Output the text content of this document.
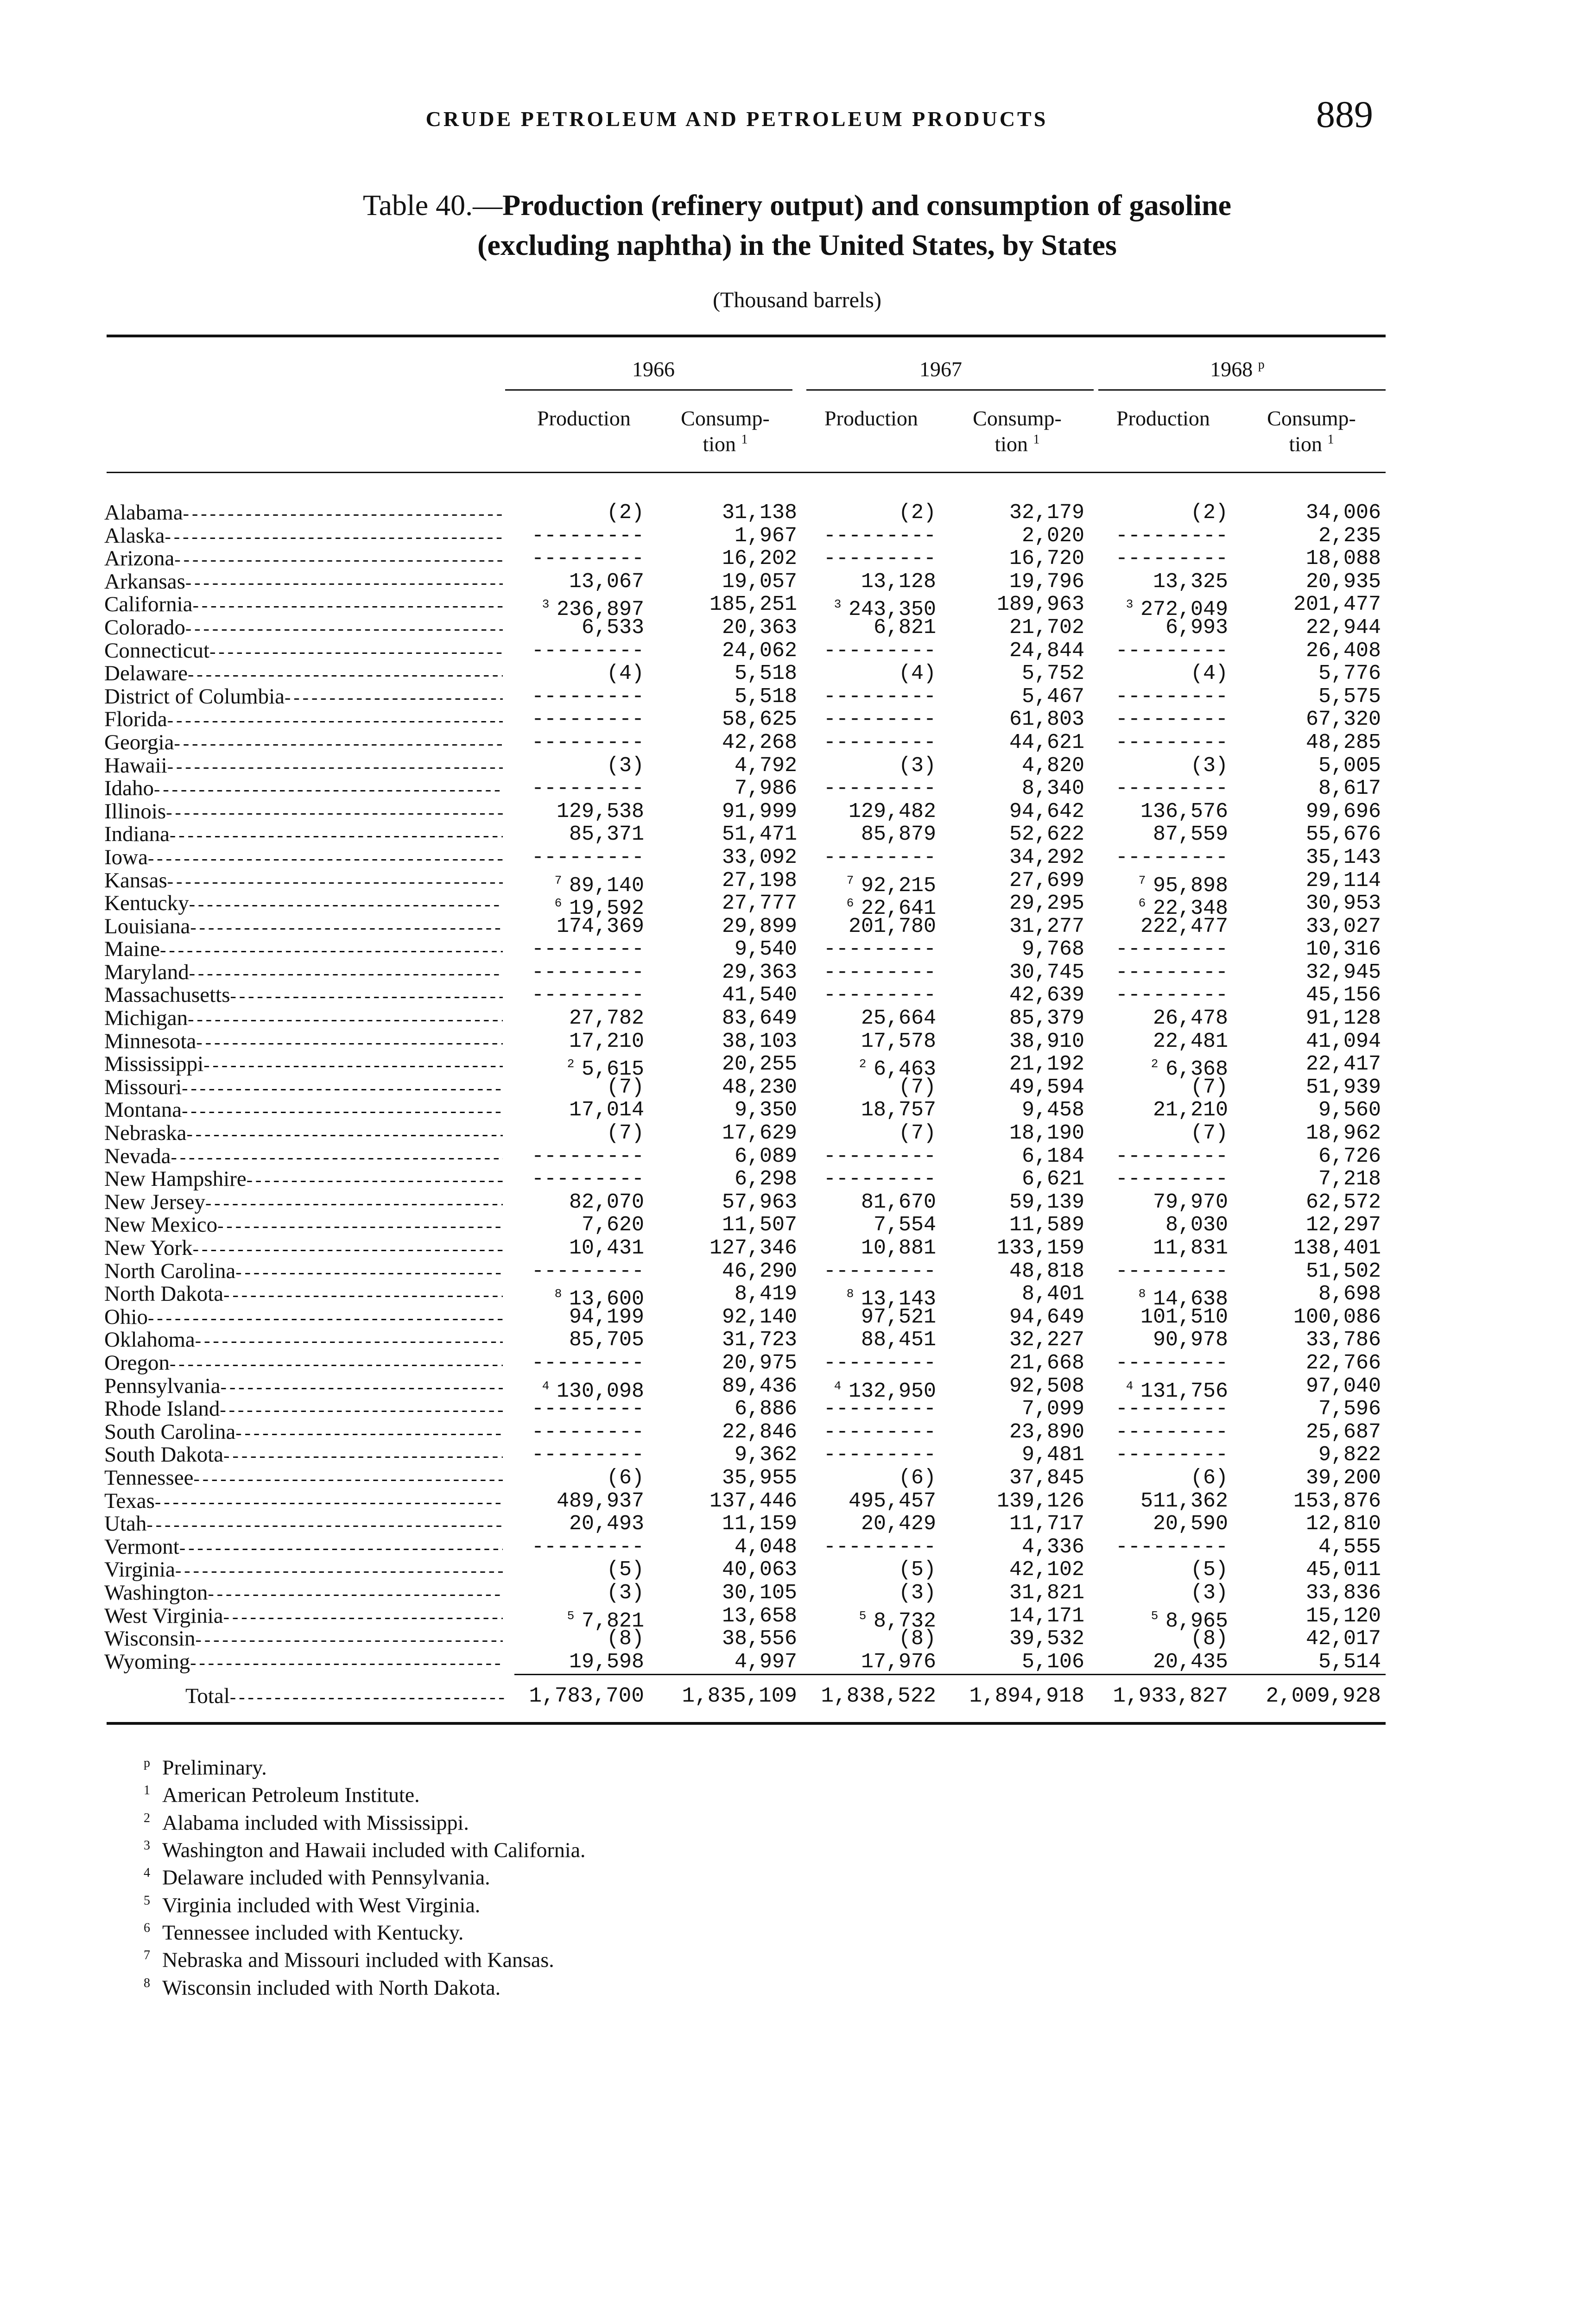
CRUDE PETROLEUM AND PETROLEUM PRODUCTS	889
Table 40.—Production (refinery output) and consumption of gasoline
(excluding naphtha) in the United States, by States
(Thousand barrels)
1966	1967	1968 $^p$
Production	Consump-
tion $^1$
Production	Consump-
tion $^1$
Production	Consump-
tion $^1$
Alabama -----	(2)	31,138	(2)	32,179	(2)	34,006
Alaska -----	---------	1,967	---------	2,020	---------	2,235
Arizona -----	---------	16,202	---------	16,720	---------	18,088
Arkansas -----	13,067	19,057	13,128	19,796	13,325	20,935
California -----	$^3$ 236,897	185,251	$^3$ 243,350	189,963	$^3$ 272,049	201,477
Colorado -----	6,533	20,363	6,821	21,702	6,993	22,944
Connecticut -----	---------	24,062	---------	24,844	---------	26,408
Delaware -----	(4)	5,518	(4)	5,752	(4)	5,776
District of Columbia -----	---------	5,518	---------	5,467	---------	5,575
Florida -----	---------	58,625	---------	61,803	---------	67,320
Georgia -----	---------	42,268	---------	44,621	---------	48,285
Hawaii -----	(3)	4,792	(3)	4,820	(3)	5,005
Idaho -----	---------	7,986	---------	8,340	---------	8,617
Illinois -----	129,538	91,999	129,482	94,642	136,576	99,696
Indiana -----	85,371	51,471	85,879	52,622	87,559	55,676
Iowa -----	---------	33,092	---------	34,292	---------	35,143
Kansas -----	$^7$ 89,140	27,198	$^7$ 92,215	27,699	$^7$ 95,898	29,114
Kentucky -----	$^6$ 19,592	27,777	$^6$ 22,641	29,295	$^6$ 22,348	30,953
Louisiana -----	174,369	29,899	201,780	31,277	222,477	33,027
Maine -----	---------	9,540	---------	9,768	---------	10,316
Maryland -----	---------	29,363	---------	30,745	---------	32,945
Massachusetts -----	---------	41,540	---------	42,639	---------	45,156
Michigan -----	27,782	83,649	25,664	85,379	26,478	91,128
Minnesota -----	17,210	38,103	17,578	38,910	22,481	41,094
Mississippi -----	$^2$ 5,615	20,255	$^2$ 6,463	21,192	$^2$ 6,368	22,417
Missouri -----	(7)	48,230	(7)	49,594	(7)	51,939
Montana -----	17,014	9,350	18,757	9,458	21,210	9,560
Nebraska -----	(7)	17,629	(7)	18,190	(7)	18,962
Nevada -----	---------	6,089	---------	6,184	---------	6,726
New Hampshire -----	---------	6,298	---------	6,621	---------	7,218
New Jersey -----	82,070	57,963	81,670	59,139	79,970	62,572
New Mexico -----	7,620	11,507	7,554	11,589	8,030	12,297
New York -----	10,431	127,346	10,881	133,159	11,831	138,401
North Carolina -----	---------	46,290	---------	48,818	---------	51,502
North Dakota -----	$^8$ 13,600	8,419	$^8$ 13,143	8,401	$^8$ 14,638	8,698
Ohio -----	94,199	92,140	97,521	94,649	101,510	100,086
Oklahoma -----	85,705	31,723	88,451	32,227	90,978	33,786
Oregon -----	---------	20,975	---------	21,668	---------	22,766
Pennsylvania -----	$^4$ 130,098	89,436	$^4$ 132,950	92,508	$^4$ 131,756	97,040
Rhode Island -----	---------	6,886	---------	7,099	---------	7,596
South Carolina -----	---------	22,846	---------	23,890	---------	25,687
South Dakota -----	---------	9,362	---------	9,481	---------	9,822
Tennessee -----	(6)	35,955	(6)	37,845	(6)	39,200
Texas -----	489,937	137,446	495,457	139,126	511,362	153,876
Utah -----	20,493	11,159	20,429	11,717	20,590	12,810
Vermont -----	---------	4,048	---------	4,336	---------	4,555
Virginia -----	(5)	40,063	(5)	42,102	(5)	45,011
Washington -----	(3)	30,105	(3)	31,821	(3)	33,836
West Virginia -----	$^5$ 7,821	13,658	$^5$ 8,732	14,171	$^5$ 8,965	15,120
Wisconsin -----	(8)	38,556	(8)	39,532	(8)	42,017
Wyoming -----	19,598	4,997	17,976	5,106	20,435	5,514
Total -----	1,783,700	1,835,109	1,838,522	1,894,918	1,933,827	2,009,928
p Preliminary.
1 American Petroleum Institute.
2 Alabama included with Mississippi.
3 Washington and Hawaii included with California.
4 Delaware included with Pennsylvania.
5 Virginia included with West Virginia.
6 Tennessee included with Kentucky.
7 Nebraska and Missouri included with Kansas.
8 Wisconsin included with North Dakota.
